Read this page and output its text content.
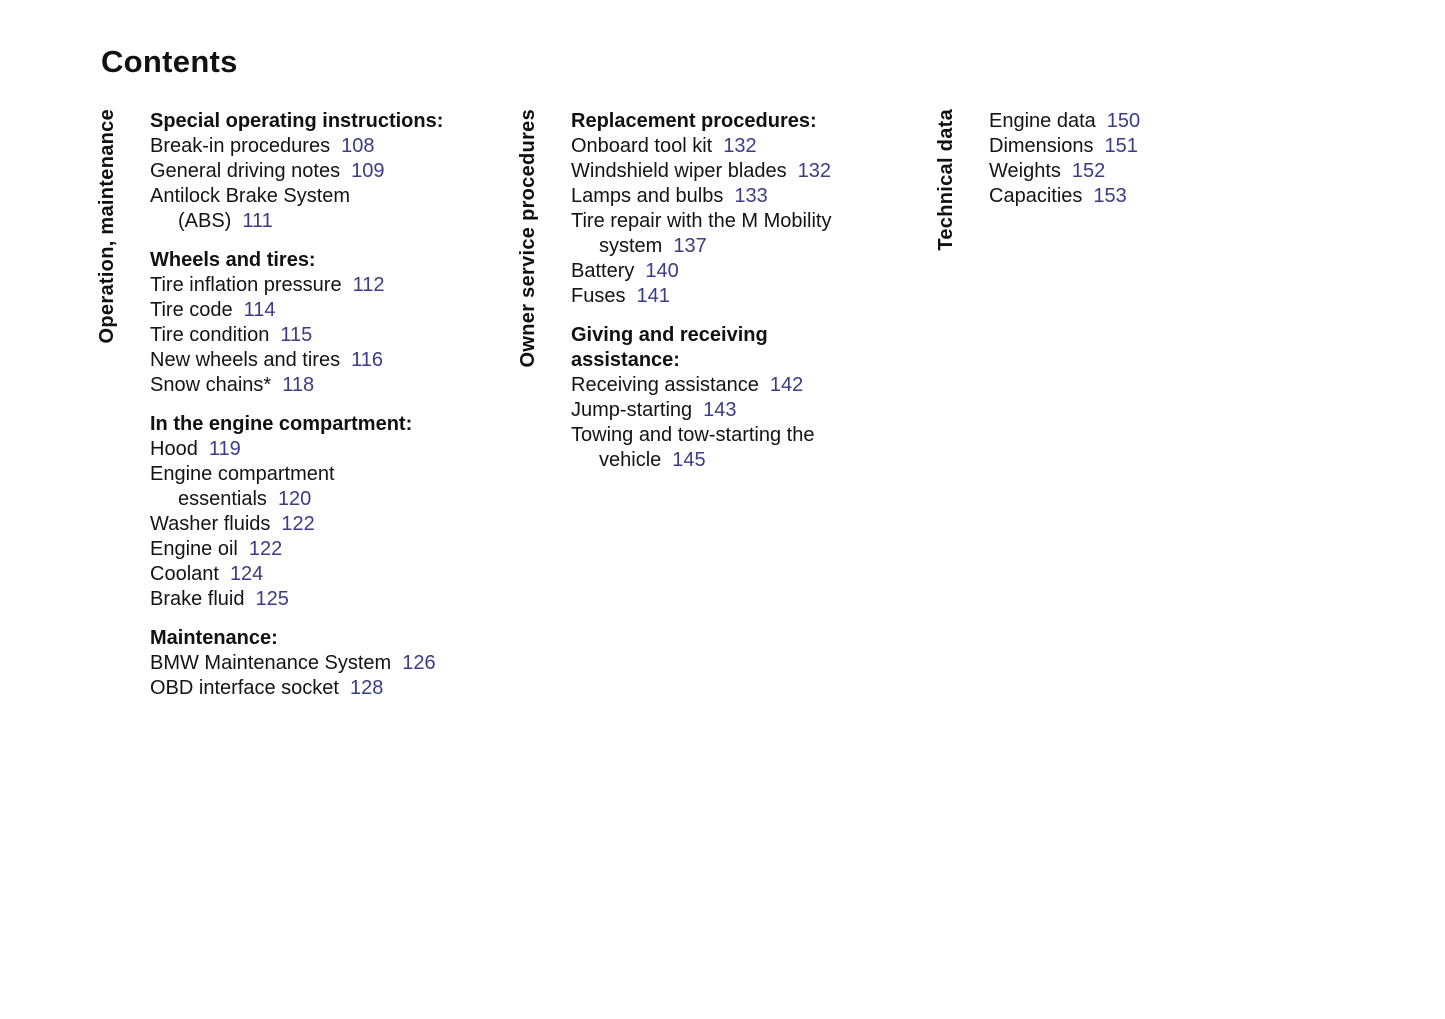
Contents
Operation, maintenance Special operating instructions:
Break-in procedures 108
General driving notes 109
Antilock Brake System
(ABS) 111
Wheels and tires:
Tire inflation pressure 112
Tire code 114
Tire condition 115
New wheels and tires 116
Snow chains* 118
In the engine compartment:
Hood 119
Engine compartment
essentials 120
Washer fluids 122
Engine oil 122
Coolant 124
Brake fluid 125
Maintenance:
BMW Maintenance System 126
OBD interface socket 128
Owner service procedures Replacement procedures:
Onboard tool kit 132
Windshield wiper blades 132
Lamps and bulbs 133
Tire repair with the M Mobility
system 137
Battery 140
Fuses 141
Giving and receiving
assistance:
Receiving assistance 142
Jump-starting 143
Towing and tow-starting the
vehicle 145
Technical data Engine data 150
Dimensions 151
Weights 152
Capacities 153
